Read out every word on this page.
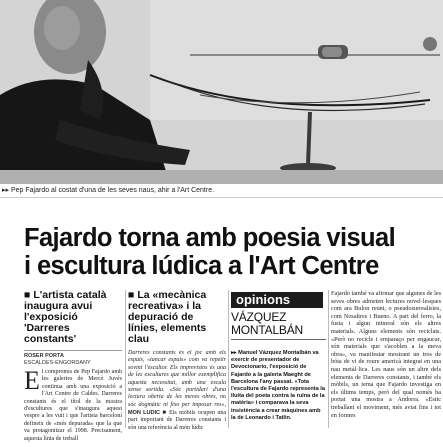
▸▸ Pep Fajardo al costat d'una de les seves naus, ahir a l'Art Centre.
Fajardo torna amb poesia visual
i escultura lúdica a l'Art Centre
■ L'artista català inaugura avui l'exposició 'Darreres constants'
ROSER PORTA
ESCALDES-ENGORDANY
El compromís de Pep Fajardo amb les galeries de Mercè Juvés continua amb una exposició a l'Art Centre de Caldes. Darreres constants és el títol de la mostra d'escultures que s'inaugura aquest vespre a les vuit i que l'artista barceloní defineix de «més depurada» que la que va protagonitzar el 1998. Precisament, aquesta línia de treball
■ La «mecànica recreativa» i la depuració de línies, elements clau
Darreres constants és el joc amb els espais, «tancar espais» com va repetir sovint l'escultor. Els imprevistos és una de les escultures que millor exemplifica aquesta necessitat, amb una escala sense sortida. «Sóc partidari d'una lectura oberta de les meves obres, no sóc dogmàtic ni fixo per imposar res»,
MÓN LÚDIC ■ Els mòbils ocupen una part important de Darreres constants i són una referència al món lúdic
opinions
VÁZQUEZ
MONTALBÁN
▸▸ Manuel Vázquez Montalbán va exercir de presentador de Devocionario, l'exposició de Fajardo a la galeria Maeght de Barcelona l'any passat. «Tota l'escultura de Fajardo representa la lluita del poeta contra la ruïna de la matèria» i comparava la seva insistència a crear màquines amb la de Leonardo i Tatlin.
Fajardo també va afirmar que algunes de les seves obres admeten lectures novel·lesques com ara Bulon reuni, o pseudosurrealistes, com Nosaltres i Bueno. A part del ferro, la fusta i algun mineral són els altres materials. Alguns elements són reciclats. «Però no recicle i emparaço per engaucar, són materials que s'acoblen a la meva obra», va manifestar mostrant un tros de bóta de vi de roure americà integrat en una nau metàl·lica. Les naus són un altre dels elements de Darreres constants, i també els mòbils, un tema que Fajardo investiga en els últims temps, però del qual només ha portat una mostra a Andorra. «Estic treballant el moviment, més aviat fins i tot en formes
